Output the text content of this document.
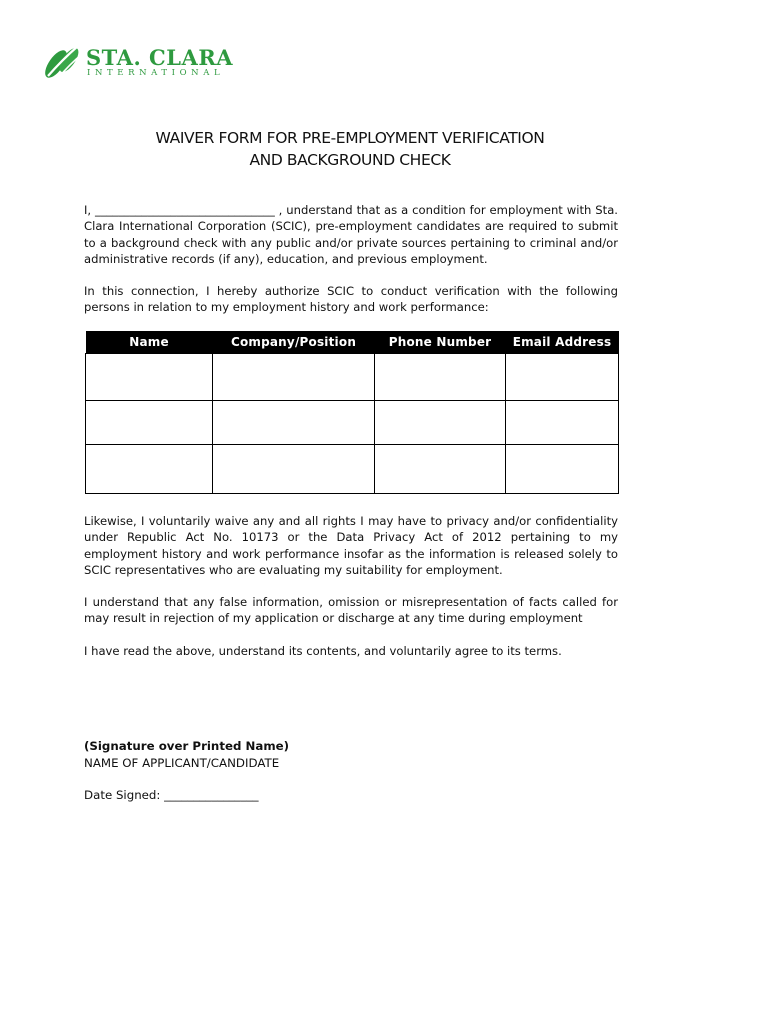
STA. CLARA
INTERNATIONAL
WAIVER FORM FOR PRE-EMPLOYMENT VERIFICATION
AND BACKGROUND CHECK

I, _______________________________ , understand that as a condition for employment with Sta. Clara International Corporation (SCIC), pre-employment candidates are required to submit to a background check with any public and/or private sources pertaining to criminal and/or administrative records (if any), education, and previous employment.

In this connection, I hereby authorize SCIC to conduct verification with the following persons in relation to my employment history and work performance:

Name	Company/Position	Phone Number	Email Address

Likewise, I voluntarily waive any and all rights I may have to privacy and/or confidentiality under Republic Act No. 10173 or the Data Privacy Act of 2012 pertaining to my employment history and work performance insofar as the information is released solely to SCIC representatives who are evaluating my suitability for employment.

I understand that any false information, omission or misrepresentation of facts called for may result in rejection of my application or discharge at any time during employment

I have read the above, understand its contents, and voluntarily agree to its terms.

(Signature over Printed Name)

NAME OF APPLICANT/CANDIDATE

Date Signed: ________________
